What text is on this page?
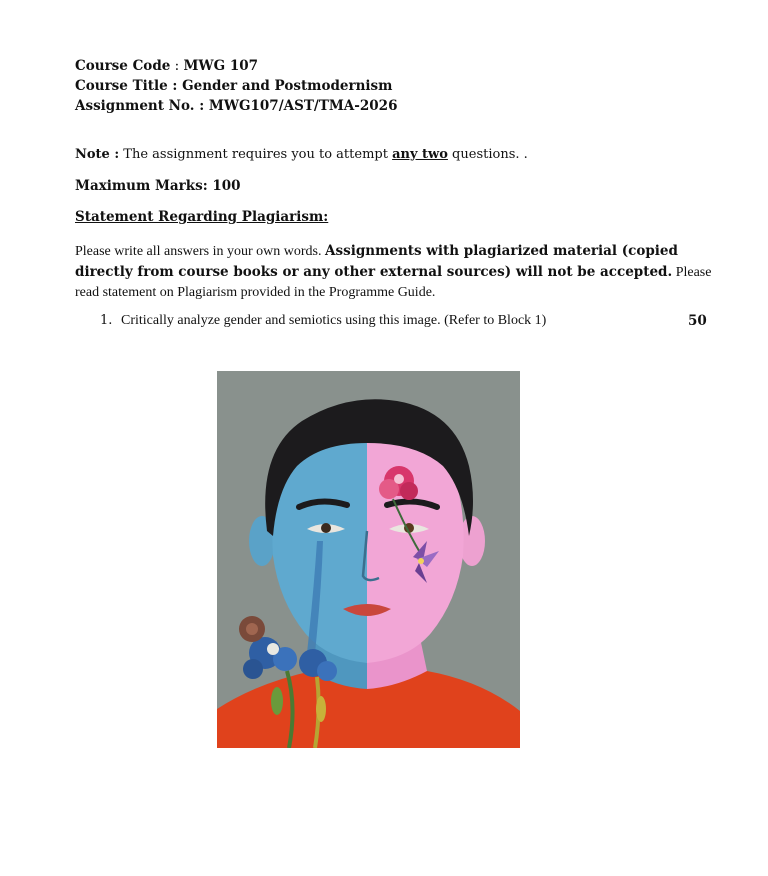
Course Code : MWG 107
Course Title : Gender and Postmodernism
Assignment No. : MWG107/AST/TMA-2026
Note : The assignment requires you to attempt any two questions. .
Maximum Marks: 100
Statement Regarding Plagiarism:
Please write all answers in your own words. Assignments with plagiarized material (copied directly from course books or any other external sources) will not be accepted. Please read statement on Plagiarism provided in the Programme Guide.
1. Critically analyze gender and semiotics using this image. (Refer to Block 1)	50
